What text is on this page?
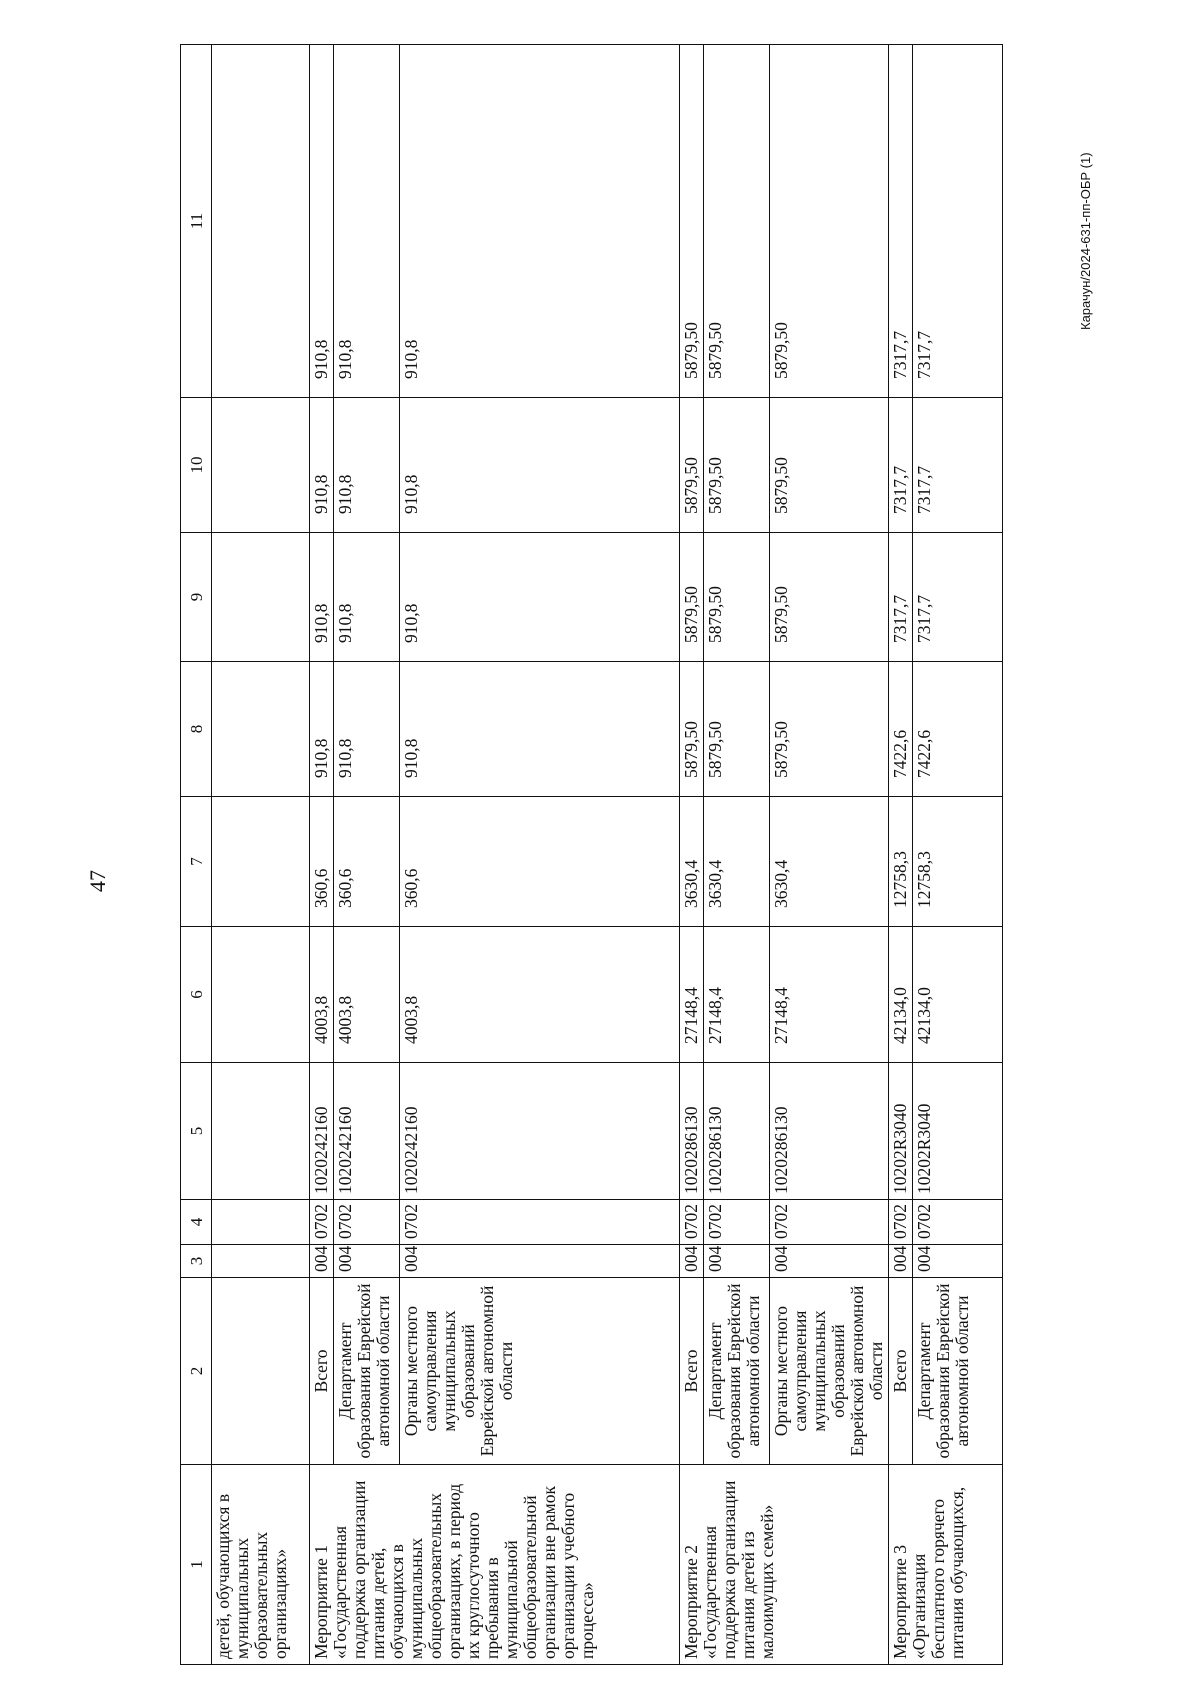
47
1	2	3	4	5	6	7	8	9	10	11
детей, обучающихся в муниципальных образовательных организациях»										

Мероприятие 1 «Государственная поддержка организации питания детей, обучающихся в муниципальных общеобразовательных организациях, в период их круглосуточного пребывания в муниципальной общеобразовательной организации вне рамок организации учебного процесса»	Всего	004	0702	1020242160	4003,8	360,6	910,8	910,8	910,8	910,8
	Департамент образования Еврейской автономной области	004	0702	1020242160	4003,8	360,6	910,8	910,8	910,8	910,8
	Органы местного самоуправления муниципальных образований Еврейской автономной области	004	0702	1020242160	4003,8	360,6	910,8	910,8	910,8	910,8

Мероприятие 2 «Государственная поддержка организации питания детей из малоимущих семей»	Всего	004	0702	1020286130	27148,4	3630,4	5879,50	5879,50	5879,50	5879,50
	Департамент образования Еврейской автономной области	004	0702	1020286130	27148,4	3630,4	5879,50	5879,50	5879,50	5879,50
	Органы местного самоуправления муниципальных образований Еврейской автономной области	004	0702	1020286130	27148,4	3630,4	5879,50	5879,50	5879,50	5879,50

Мероприятие 3 «Организация бесплатного горячего питания обучающихся,	Всего	004	0702	10202R3040	42134,0	12758,3	7422,6	7317,7	7317,7	7317,7
	Департамент образования Еврейской автономной области	004	0702	10202R3040	42134,0	12758,3	7422,6	7317,7	7317,7	7317,7
Карачун/2024-631-пп-ОБР (1)
